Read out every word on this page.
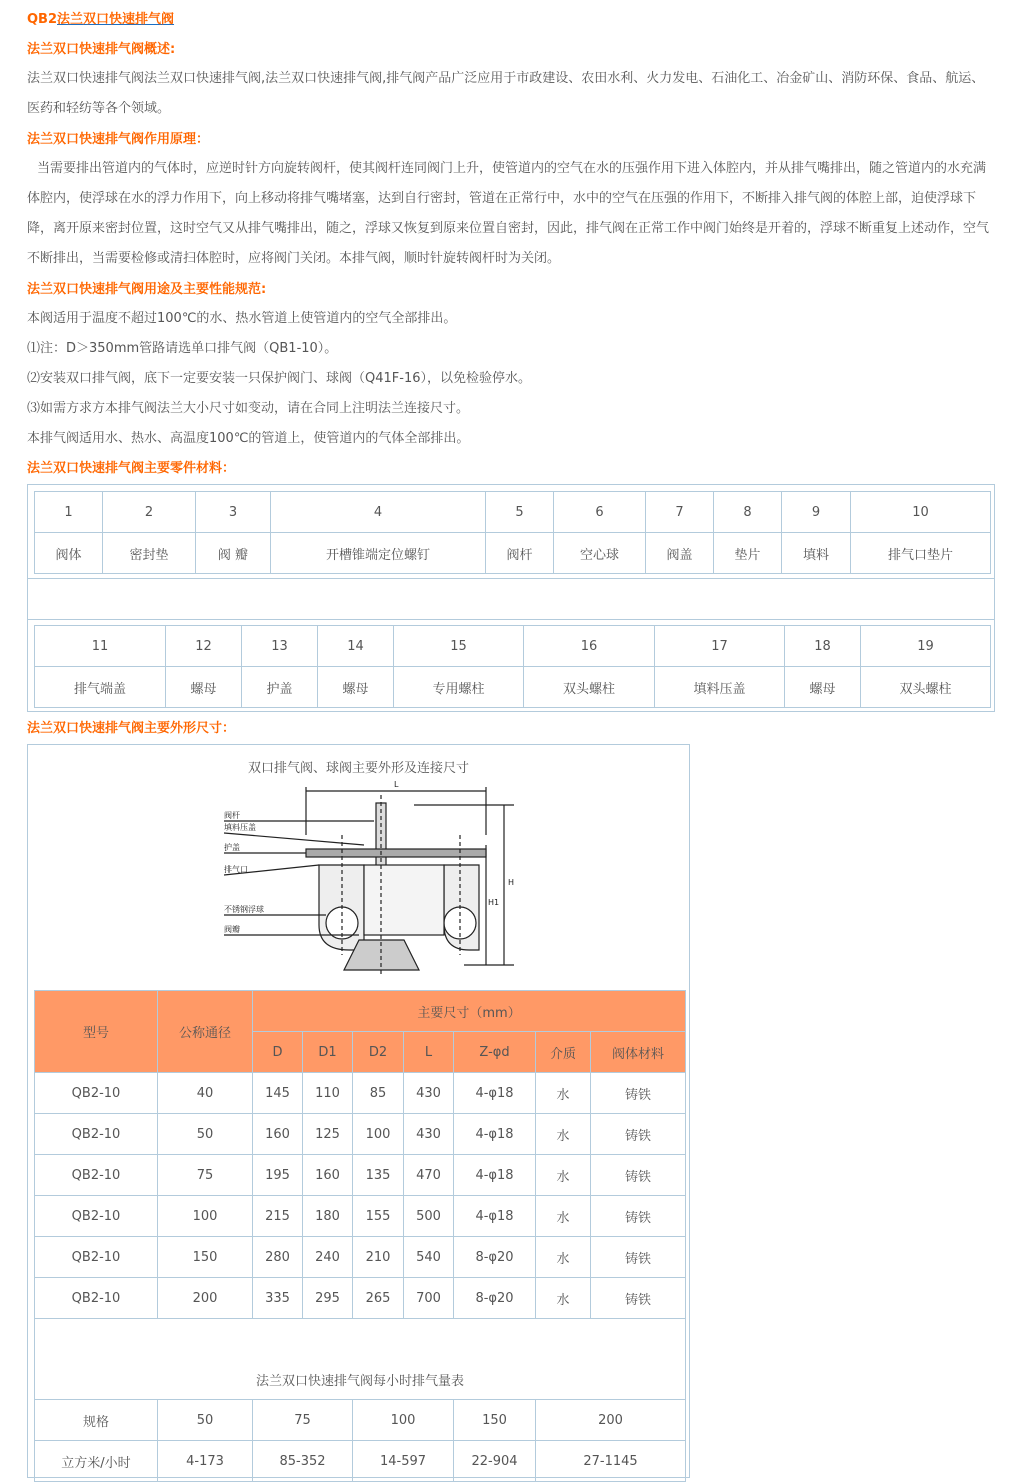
QB2法兰双口快速排气阀
法兰双口快速排气阀概述:
法兰双口快速排气阀法兰双口快速排气阀,法兰双口快速排气阀,排气阀产品广泛应用于市政建设、农田水利、火力发电、石油化工、冶金矿山、消防环保、食品、航运、医药和轻纺等各个领域。
法兰双口快速排气阀作用原理：
当需要排出管道内的气体时，应逆时针方向旋转阀杆，使其阀杆连同阀门上升，使管道内的空气在水的压强作用下进入体腔内，并从排气嘴排出，随之管道内的水充满体腔内，使浮球在水的浮力作用下，向上移动将排气嘴堵塞，达到自行密封，管道在正常行中，水中的空气在压强的作用下，不断排入排气阀的体腔上部，迫使浮球下降，离开原来密封位置，这时空气又从排气嘴排出，随之，浮球又恢复到原来位置自密封，因此，排气阀在正常工作中阀门始终是开着的，浮球不断重复上述动作，空气不断排出，当需要检修或清扫体腔时，应将阀门关闭。本排气阀，顺时针旋转阀杆时为关闭。
法兰双口快速排气阀用途及主要性能规范:
本阀适用于温度不超过100℃的水、热水管道上使管道内的空气全部排出。
⑴注：D＞350mm管路请选单口排气阀（QB1-10）。
⑵安装双口排气阀，底下一定要安装一只保护阀门、球阀（Q41F-16），以免检验停水。
⑶如需方求方本排气阀法兰大小尺寸如变动，请在合同上注明法兰连接尺寸。
本排气阀适用水、热水、高温度100℃的管道上，使管道内的气体全部排出。
法兰双口快速排气阀主要零件材料：
1	2	3	4	5	6	7	8	9	10
阀体	密封垫	阀 瓣	开槽锥端定位螺钉	阀杆	空心球	阀盖	垫片	填料	排气口垫片
11	12	13	14	15	16	17	18	19
排气端盖	螺母	护盖	螺母	专用螺柱	双头螺柱	填料压盖	螺母	双头螺柱
法兰双口快速排气阀主要外形尺寸：
双口排气阀、球阀主要外形及连接尺寸
阀杆
填料压盖
护盖
排气口
不锈钢浮球
阀瓣
L
H
H1
型号	公称通径	主要尺寸（mm）						
		D	D1	D2	L	Z-φd	介质	阀体材料
QB2-10	40	145	110	85	430	4-φ18	水	铸铁
QB2-10	50	160	125	100	430	4-φ18	水	铸铁
QB2-10	75	195	160	135	470	4-φ18	水	铸铁
QB2-10	100	215	180	155	500	4-φ18	水	铸铁
QB2-10	150	280	240	210	540	8-φ20	水	铸铁
QB2-10	200	335	295	265	700	8-φ20	水	铸铁
法兰双口快速排气阀每小时排气量表								
规格	50	75		100		150	200	
立方米/小时	4-173	85-352		14-597		22-904	27-1145	
